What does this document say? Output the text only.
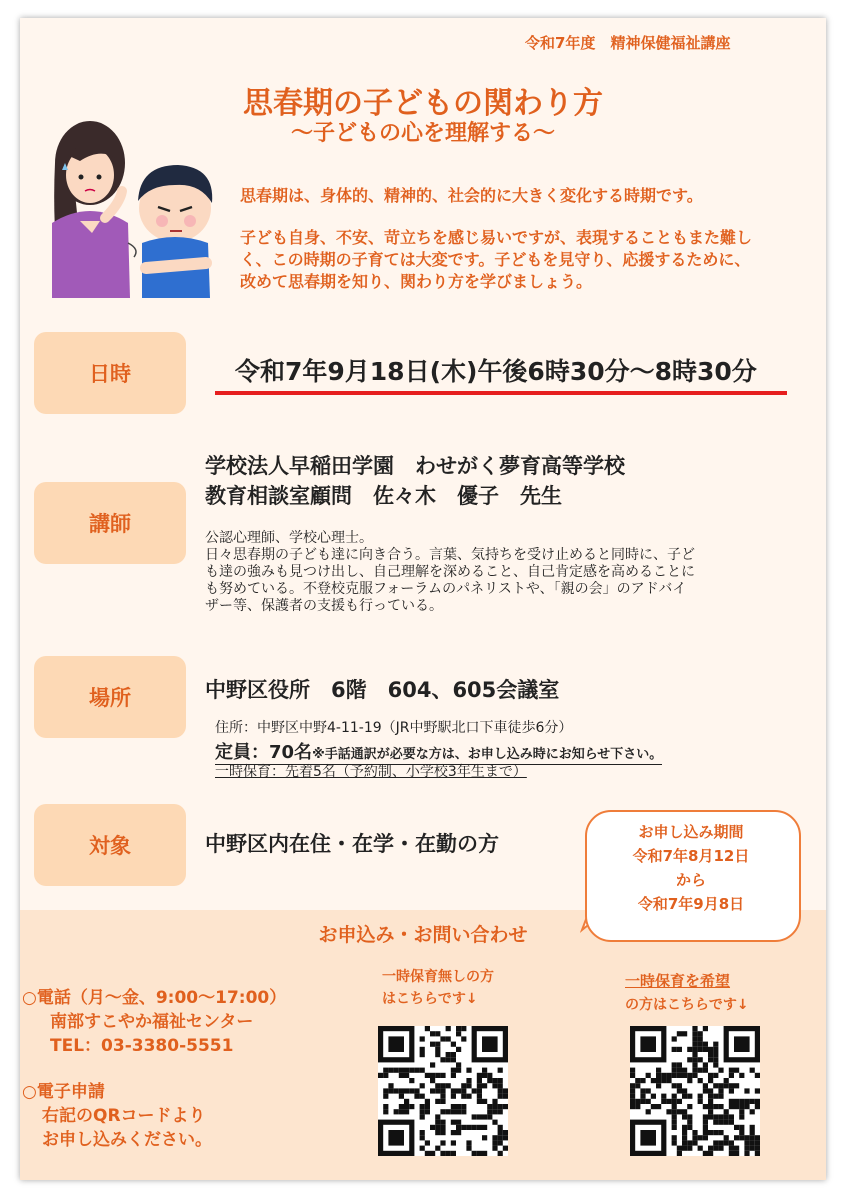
令和7年度　精神保健福祉講座
思春期の子どもの関わり方
～子どもの心を理解する～
思春期は、身体的、精神的、社会的に大きく変化する時期です。
子ども自身、不安、苛立ちを感じ易いですが、表現することもまた難し
く、この時期の子育ては大変です。子どもを見守り、応援するために、
改めて思春期を知り、関わり方を学びましょう。
日時	令和7年9月18日(木)午後6時30分～8時30分
講師
学校法人早稲田学園　わせがく夢育高等学校
教育相談室顧問　佐々木　優子　先生
公認心理師、学校心理士。
日々思春期の子ども達に向き合う。言葉、気持ちを受け止めると同時に、子ど
も達の強みも見つけ出し、自己理解を深めること、自己肯定感を高めることに
も努めている。不登校克服フォーラムのパネリストや、「親の会」のアドバイ
ザー等、保護者の支援も行っている。
場所	中野区役所　6階　604、605会議室
住所：中野区中野4-11-19（JR中野駅北口下車徒歩6分）
定員：70名※手話通訳が必要な方は、お申し込み時にお知らせ下さい。
一時保育：先着5名（予約制、小学校3年生まで）
対象	中野区内在住・在学・在勤の方	お申し込み期間
令和7年8月12日
から
令和7年9月8日
お申込み・お問い合わせ
○電話（月～金、9:00～17:00）
南部すこやか福祉センター
TEL：03-3380-5551
○電子申請
右記のQRコードより
お申し込みください。
一時保育無しの方
はこちらです↓
一時保育を希望
の方はこちらです↓
